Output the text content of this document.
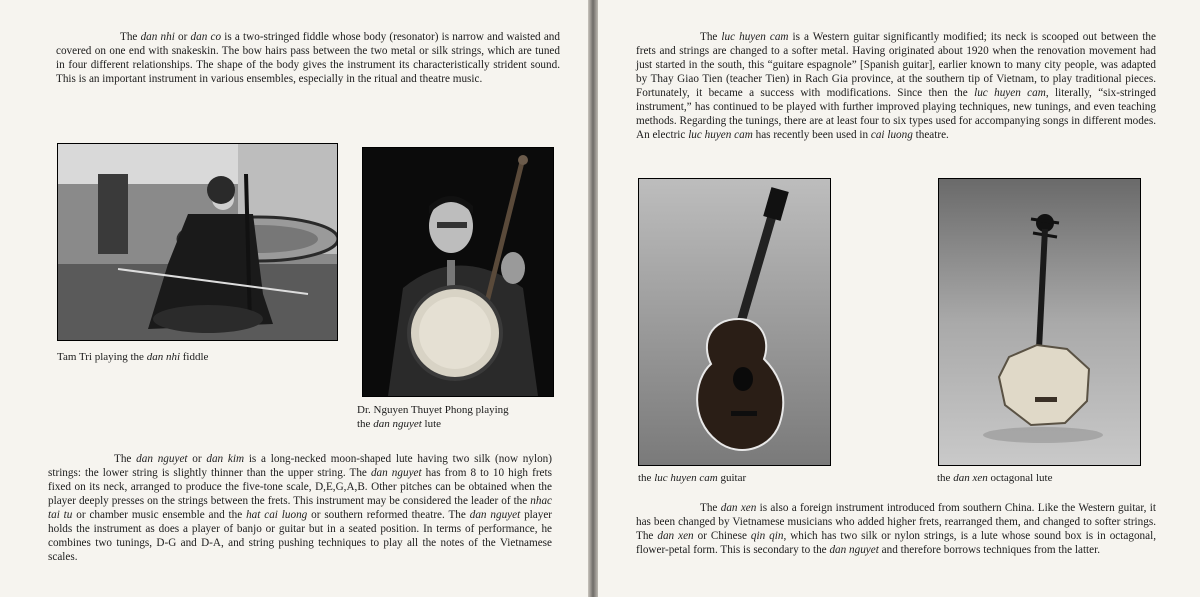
The dan nhi or dan co is a two-stringed fiddle whose body (resonator) is narrow and waisted and covered on one end with snakeskin. The bow hairs pass between the two metal or silk strings, which are tuned in four different relationships. The shape of the body gives the instrument its characteristically strident sound. This is an important instrument in various ensembles, especially in the ritual and theatre music.

Tam Tri playing the dan nhi fiddle

Dr. Nguyen Thuyet Phong playing

the dan nguyet lute

The dan nguyet or dan kim is a long-necked moon-shaped lute having two silk (now nylon) strings: the lower string is slightly thinner than the upper string. The dan nguyet has from 8 to 10 high frets fixed on its neck, arranged to produce the five-tone scale, D,E,G,A,B. Other pitches can be obtained when the player deeply presses on the strings between the frets. This instrument may be considered the leader of the nhac tai tu or chamber music ensemble and the hat cai luong or southern reformed theatre. The dan nguyet player holds the instrument as does a player of banjo or guitar but in a seated position. In terms of performance, he combines two tunings, D-G and D-A, and string pushing techniques to play all the notes of the Vietnamese scales.

The luc huyen cam is a Western guitar significantly modified; its neck is scooped out between the frets and strings are changed to a softer metal. Having originated about 1920 when the renovation movement had just started in the south, this “guitare espagnole” [Spanish guitar], earlier known to many city people, was adapted by Thay Giao Tien (teacher Tien) in Rach Gia province, at the southern tip of Vietnam, to play traditional pieces. Fortunately, it became a success with modifications. Since then the luc huyen cam, literally, “six-stringed instrument,” has continued to be played with further improved playing techniques, new tunings, and even teaching methods. Regarding the tunings, there are at least four to six types used for accompanying songs in different modes. An electric luc huyen cam has recently been used in cai luong theatre.

the luc huyen cam guitar	the dan xen octagonal lute

The dan xen is also a foreign instrument introduced from southern China. Like the Western guitar, it has been changed by Vietnamese musicians who added higher frets, rearranged them, and changed to softer strings. The dan xen or Chinese qin qin, which has two silk or nylon strings, is a lute whose sound box is in octagonal, flower-petal form. This is secondary to the dan nguyet and therefore borrows techniques from the latter.
